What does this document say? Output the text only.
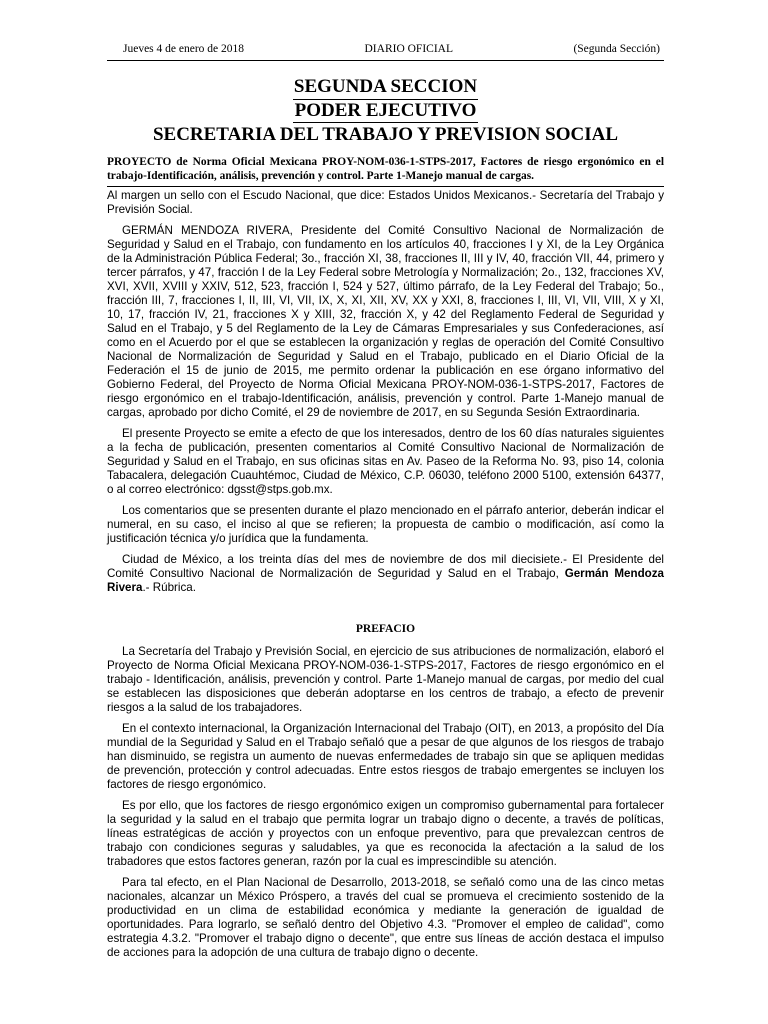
Jueves 4 de enero de 2018	DIARIO OFICIAL	(Segunda Sección)
SEGUNDA SECCION
PODER EJECUTIVO
SECRETARIA DEL TRABAJO Y PREVISION SOCIAL
PROYECTO de Norma Oficial Mexicana PROY-NOM-036-1-STPS-2017, Factores de riesgo ergonómico en el trabajo-Identificación, análisis, prevención y control. Parte 1-Manejo manual de cargas.

Al margen un sello con el Escudo Nacional, que dice: Estados Unidos Mexicanos.- Secretaría del Trabajo y Previsión Social.

GERMÁN MENDOZA RIVERA, Presidente del Comité Consultivo Nacional de Normalización de Seguridad y Salud en el Trabajo, con fundamento en los artículos 40, fracciones I y XI, de la Ley Orgánica de la Administración Pública Federal; 3o., fracción XI, 38, fracciones II, III y IV, 40, fracción VII, 44, primero y tercer párrafos, y 47, fracción I de la Ley Federal sobre Metrología y Normalización; 2o., 132, fracciones XV, XVI, XVII, XVIII y XXIV, 512, 523, fracción I, 524 y 527, último párrafo, de la Ley Federal del Trabajo; 5o., fracción III, 7, fracciones I, II, III, VI, VII, IX, X, XI, XII, XV, XX y XXI, 8, fracciones I, III, VI, VII, VIII, X y XI, 10, 17, fracción IV, 21, fracciones X y XIII, 32, fracción X, y 42 del Reglamento Federal de Seguridad y Salud en el Trabajo, y 5 del Reglamento de la Ley de Cámaras Empresariales y sus Confederaciones, así como en el Acuerdo por el que se establecen la organización y reglas de operación del Comité Consultivo Nacional de Normalización de Seguridad y Salud en el Trabajo, publicado en el Diario Oficial de la Federación el 15 de junio de 2015, me permito ordenar la publicación en ese órgano informativo del Gobierno Federal, del Proyecto de Norma Oficial Mexicana PROY-NOM-036-1-STPS-2017, Factores de riesgo ergonómico en el trabajo-Identificación, análisis, prevención y control. Parte 1-Manejo manual de cargas, aprobado por dicho Comité, el 29 de noviembre de 2017, en su Segunda Sesión Extraordinaria.

El presente Proyecto se emite a efecto de que los interesados, dentro de los 60 días naturales siguientes a la fecha de publicación, presenten comentarios al Comité Consultivo Nacional de Normalización de Seguridad y Salud en el Trabajo, en sus oficinas sitas en Av. Paseo de la Reforma No. 93, piso 14, colonia Tabacalera, delegación Cuauhtémoc, Ciudad de México, C.P. 06030, teléfono 2000 5100, extensión 64377, o al correo electrónico: dgsst@stps.gob.mx.

Los comentarios que se presenten durante el plazo mencionado en el párrafo anterior, deberán indicar el numeral, en su caso, el inciso al que se refieren; la propuesta de cambio o modificación, así como la justificación técnica y/o jurídica que la fundamenta.

Ciudad de México, a los treinta días del mes de noviembre de dos mil diecisiete.- El Presidente del Comité Consultivo Nacional de Normalización de Seguridad y Salud en el Trabajo, Germán Mendoza Rivera.- Rúbrica.

PREFACIO

La Secretaría del Trabajo y Previsión Social, en ejercicio de sus atribuciones de normalización, elaboró el Proyecto de Norma Oficial Mexicana PROY-NOM-036-1-STPS-2017, Factores de riesgo ergonómico en el trabajo - Identificación, análisis, prevención y control. Parte 1-Manejo manual de cargas, por medio del cual se establecen las disposiciones que deberán adoptarse en los centros de trabajo, a efecto de prevenir riesgos a la salud de los trabajadores.

En el contexto internacional, la Organización Internacional del Trabajo (OIT), en 2013, a propósito del Día mundial de la Seguridad y Salud en el Trabajo señaló que a pesar de que algunos de los riesgos de trabajo han disminuido, se registra un aumento de nuevas enfermedades de trabajo sin que se apliquen medidas de prevención, protección y control adecuadas. Entre estos riesgos de trabajo emergentes se incluyen los factores de riesgo ergonómico.

Es por ello, que los factores de riesgo ergonómico exigen un compromiso gubernamental para fortalecer la seguridad y la salud en el trabajo que permita lograr un trabajo digno o decente, a través de políticas, líneas estratégicas de acción y proyectos con un enfoque preventivo, para que prevalezcan centros de trabajo con condiciones seguras y saludables, ya que es reconocida la afectación a la salud de los trabadores que estos factores generan, razón por la cual es imprescindible su atención.

Para tal efecto, en el Plan Nacional de Desarrollo, 2013-2018, se señaló como una de las cinco metas nacionales, alcanzar un México Próspero, a través del cual se promueva el crecimiento sostenido de la productividad en un clima de estabilidad económica y mediante la generación de igualdad de oportunidades. Para lograrlo, se señaló dentro del Objetivo 4.3. "Promover el empleo de calidad", como estrategia 4.3.2. "Promover el trabajo digno o decente", que entre sus líneas de acción destaca el impulso de acciones para la adopción de una cultura de trabajo digno o decente.
